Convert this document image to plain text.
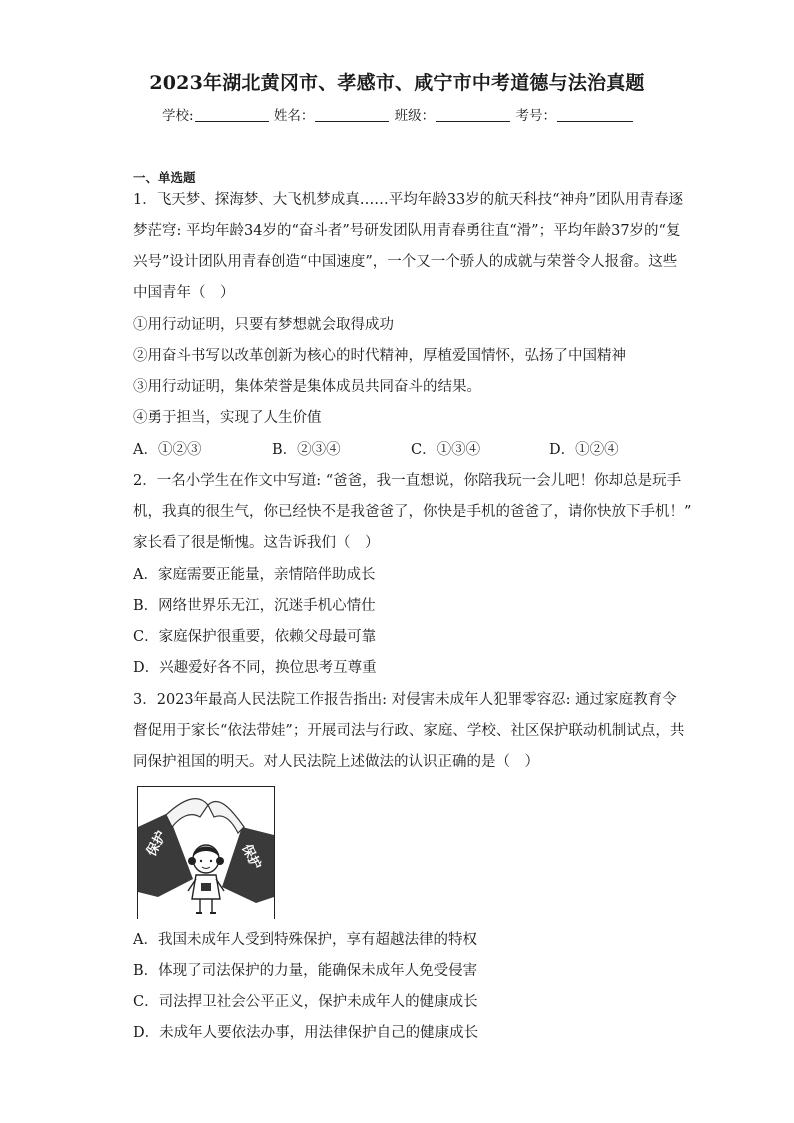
2023年湖北黄冈市、孝感市、咸宁市中考道德与法治真题
学校:	姓名：	班级：	考号：
一、单选题
1．飞天梦、探海梦、大飞机梦成真……平均年龄33岁的航天科技“神舟”团队用青春逐
梦茫穹: 平均年龄34岁的“奋斗者”号研发团队用青春勇往直“滑”；平均年龄37岁的“复
兴号”设计团队用青春创造“中国速度”，一个又一个骄人的成就与荣誉令人报畲。这些
中国青年（　）
①用行动证明，只要有梦想就会取得成功
②用奋斗书写以改革创新为核心的时代精神，厚植爱国情怀，弘扬了中国精神
③用行动证明，集体荣誉是集体成员共同奋斗的结果。
④勇于担当，实现了人生价值
A．①②③	B．②③④	C．①③④	D．①②④
2．一名小学生在作文中写道: “爸爸，我一直想说，你陪我玩一会儿吧！你却总是玩手
机，我真的很生气，你已经快不是我爸爸了，你快是手机的爸爸了，请你快放下手机！”
家长看了很是惭愧。这告诉我们（　）
A．家庭需要正能量，亲情陪伴助成长
B．网络世界乐无江，沉迷手机心情仕
C．家庭保护很重要，依赖父母最可靠
D．兴趣爱好各不同，换位思考互尊重
3．2023年最高人民法院工作报告指出: 对侵害未成年人犯罪零容忍: 通过家庭教育令
督促用于家长“依法带娃”；开展司法与行政、家庭、学校、社区保护联动机制试点，共
同保护祖国的明天。对人民法院上述做法的认识正确的是（　）
保护	保护
A．我国未成年人受到特殊保护，享有超越法律的特权
B．体现了司法保护的力量，能确保未成年人免受侵害
C．司法捍卫社会公平正义，保护未成年人的健康成长
D．未成年人要依法办事，用法律保护自己的健康成长
